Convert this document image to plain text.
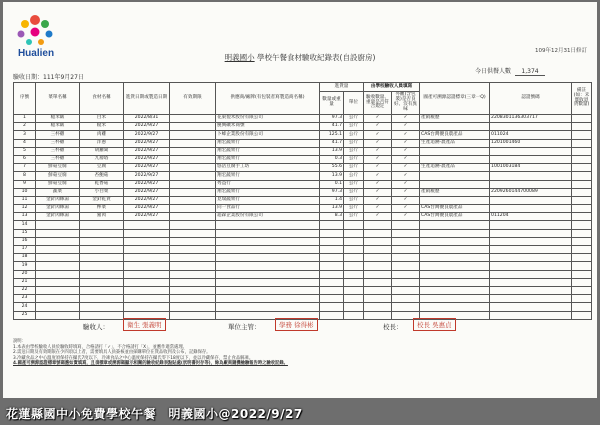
Hualien	109年12月31日修訂
明義國小 學校午餐食材驗收紀錄表(自設廚房)
驗收日期：111年9月27日
今日供餐人數 1,374
序號	菜單名稱	食材名稱	進貨日期或製造日期	有效期限	供應商/廠牌(有包裝者寫製造商名稱)	進貨量		由學校驗收人員填寫		國產可溯源認證標章(三章一Q)	認證號碼	備註(如：未實收退貨數量)
						數量或重量	單位	驗收數量、重量是否符合規定	外觀(含包裝)是否良好、沒有異味			
1	糙米飯	白米	2022/8/31		花東製米股份有限公司	97.3	公斤	✓	✓	產銷履歷	2208301136303717	
2	糙米飯	糙米	2022/9/27		慶興碾米商號	41.7	公斤	✓	✓			
3	三杯雞	肉雞	2022/9/27		卜蜂企業股份有限公司	125.1	公斤	✓	✓	CAS台灣優良農產品	011024	
4	三杯雞	洋蔥	2022/9/27		翔宏蔬果行	41.7	公斤	✓	✓	生產追溯-農產品	1201001460	
5	三杯雞	胡蘿蔔	2022/9/27		翔宏蔬果行	13.9	公斤	✓	✓			
6	三杯雞	九層塔	2022/9/27		翔宏蔬果行	0.3	公斤	✓	✓			
7	鮮菇豆腐	豆腐	2022/9/27		悠活豆腐手工坊	55.6	公斤	✓	✓	生產追溯-農產品	1001003184	
8	鮮菇豆腐	杏鮑菇	2022/9/27		翔宏蔬果行	13.9	公斤	✓	✓			
9	鮮菇豆腐	乾香菇	2022/9/27		秀益行	0.1	公斤	✓	✓			
10	蔬菜	小白菜	2022/9/27		翔宏蔬果行	97.3	公斤	✓	✓	產銷履歷	2209260144700089	
11	金針肉絲湯	金針乾貨	2022/9/27		見瑞蔬果行	1.4	公斤	✓	✓			
12	金針肉絲湯	榨菜	2022/9/27		向一食品行	13.9	公斤	✓	✓	CAS台灣優良農產品		
13	金針肉絲湯	豬肉	2022/9/27		超森企業股份有限公司	8.3	公斤	✓	✓	CAS台灣優良農產品	011204	
14												
15												
16												
17												
18												
19												
20												
21												
22												
23												
24												
25												
驗收人：	衛生 張義明	單位主管：	學務 徐得彬	校長：	校長 吳惠貞
說明：
1.本表由學校驗收人員於驗收時填寫，合格請打「✓」，不合格請打「X」，並應作適當處理。
2.需送日期及有效期限在少四項以上者，需要填具人員簽核並由採購單位在貨品收到及公布，記錄保存。
3.冷藏食品之中心溫度須保持在攝氏7度以下，冷凍食品之中心溫度保持在攝氏零下18度以下，並以冷藏保存，禁止食品解凍。
4.國產可溯源認證標章號碼應如實填寫，且須標章或溯源碼顯示相關的驗收紀錄表點貼處(狀明書封存等)，餘為廠商隨機檢驗報告時之驗收記錄。
花蓮縣國中小免費學校午餐　明義國小@2022/9/27
